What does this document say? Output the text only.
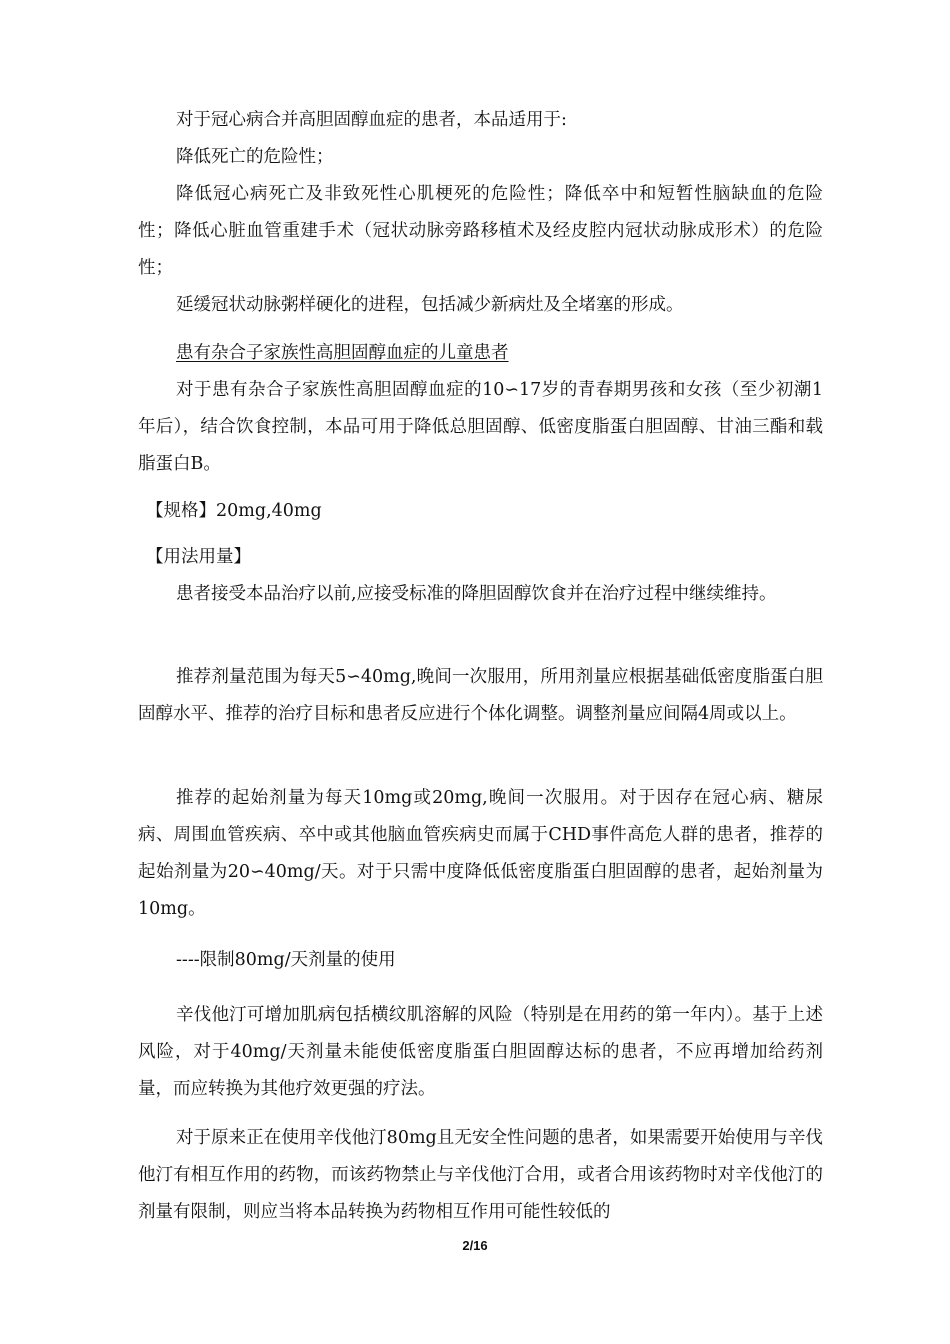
对于冠心病合并高胆固醇血症的患者，本品适用于:

降低死亡的危险性；

降低冠心病死亡及非致死性心肌梗死的危险性；降低卒中和短暂性脑缺血的危险性；降低心脏血管重建手术（冠状动脉旁路移植术及经皮腔内冠状动脉成形术）的危险性；

延缓冠状动脉粥样硬化的进程，包括减少新病灶及全堵塞的形成。

患有杂合子家族性高胆固醇血症的儿童患者

对于患有杂合子家族性高胆固醇血症的10∽17岁的青春期男孩和女孩（至少初潮1年后），结合饮食控制，本品可用于降低总胆固醇、低密度脂蛋白胆固醇、甘油三酯和载脂蛋白B。

【规格】20mg,40mg

【用法用量】

患者接受本品治疗以前,应接受标准的降胆固醇饮食并在治疗过程中继续维持。

推荐剂量范围为每天5∽40mg,晚间一次服用，所用剂量应根据基础低密度脂蛋白胆固醇水平、推荐的治疗目标和患者反应进行个体化调整。调整剂量应间隔4周或以上。

推荐的起始剂量为每天10mg或20mg,晚间一次服用。对于因存在冠心病、糖尿病、周围血管疾病、卒中或其他脑血管疾病史而属于CHD事件高危人群的患者，推荐的起始剂量为20∽40mg/天。对于只需中度降低低密度脂蛋白胆固醇的患者，起始剂量为10mg。

----限制80mg/天剂量的使用

辛伐他汀可增加肌病包括横纹肌溶解的风险（特别是在用药的第一年内）。基于上述风险，对于40mg/天剂量未能使低密度脂蛋白胆固醇达标的患者，不应再增加给药剂量，而应转换为其他疗效更强的疗法。

对于原来正在使用辛伐他汀80mg且无安全性问题的患者，如果需要开始使用与辛伐他汀有相互作用的药物，而该药物禁止与辛伐他汀合用，或者合用该药物时对辛伐他汀的剂量有限制，则应当将本品转换为药物相互作用可能性较低的

2/16
